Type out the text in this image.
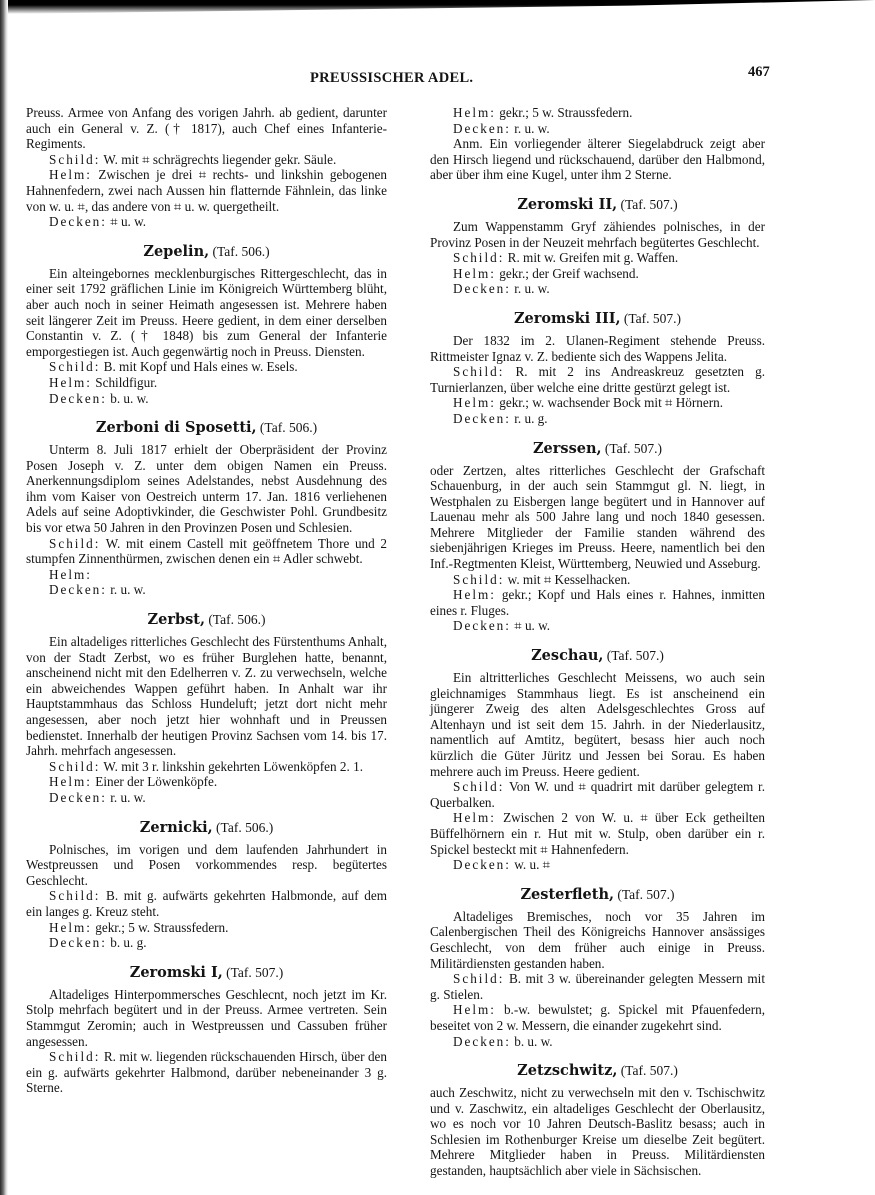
PREUSSISCHER ADEL.	467

Preuss. Armee von Anfang des vorigen Jahrh. ab gedient, darunter auch ein General v. Z. († 1817), auch Chef eines Infanterie-Regiments.

Schild: W. mit ⌗ schrägrechts liegender gekr. Säule.

Helm: Zwischen je drei ⌗ rechts- und linkshin gebogenen Hahnenfedern, zwei nach Aussen hin flatternde Fähnlein, das linke von w. u. ⌗, das andere von ⌗ u. w. quergetheilt.

Decken: ⌗ u. w.

Zepelin, (Taf. 506.)

Ein alteingebornes mecklenburgisches Rittergeschlecht, das in einer seit 1792 gräflichen Linie im Königreich Württemberg blüht, aber auch noch in seiner Heimath angesessen ist. Mehrere haben seit längerer Zeit im Preuss. Heere gedient, in dem einer derselben Constantin v. Z. († 1848) bis zum General der Infanterie emporgestiegen ist. Auch gegenwärtig noch in Preuss. Diensten.

Schild: B. mit Kopf und Hals eines w. Esels.

Helm: Schildfigur.

Decken: b. u. w.

Zerboni di Sposetti, (Taf. 506.)

Unterm 8. Juli 1817 erhielt der Oberpräsident der Provinz Posen Joseph v. Z. unter dem obigen Namen ein Preuss. Anerkennungsdiplom seines Adelstandes, nebst Ausdehnung des ihm vom Kaiser von Oestreich unterm 17. Jan. 1816 verliehenen Adels auf seine Adoptivkinder, die Geschwister Pohl. Grundbesitz bis vor etwa 50 Jahren in den Provinzen Posen und Schlesien.

Schild: W. mit einem Castell mit geöffnetem Thore und 2 stumpfen Zinnenthürmen, zwischen denen ein ⌗ Adler schwebt.

Helm:

Decken: r. u. w.

Zerbst, (Taf. 506.)

Ein altadeliges ritterliches Geschlecht des Fürstenthums Anhalt, von der Stadt Zerbst, wo es früher Burglehen hatte, benannt, anscheinend nicht mit den Edelherren v. Z. zu verwechseln, welche ein abweichendes Wappen geführt haben. In Anhalt war ihr Hauptstammhaus das Schloss Hundeluft; jetzt dort nicht mehr angesessen, aber noch jetzt hier wohnhaft und in Preussen bedienstet. Innerhalb der heutigen Provinz Sachsen vom 14. bis 17. Jahrh. mehrfach angesessen.

Schild: W. mit 3 r. linkshin gekehrten Löwenköpfen 2. 1.

Helm: Einer der Löwenköpfe.

Decken: r. u. w.

Zernicki, (Taf. 506.)

Polnisches, im vorigen und dem laufenden Jahrhundert in Westpreussen und Posen vorkommendes resp. begütertes Geschlecht.

Schild: B. mit g. aufwärts gekehrten Halbmonde, auf dem ein langes g. Kreuz steht.

Helm: gekr.; 5 w. Straussfedern.

Decken: b. u. g.

Zeromski I, (Taf. 507.)

Altadeliges Hinterpommersches Geschlecnt, noch jetzt im Kr. Stolp mehrfach begütert und in der Preuss. Armee vertreten. Sein Stammgut Zeromin; auch in Westpreussen und Cassuben früher angesessen.

Schild: R. mit w. liegenden rückschauenden Hirsch, über den ein g. aufwärts gekehrter Halbmond, darüber nebeneinander 3 g. Sterne.

Helm: gekr.; 5 w. Straussfedern.

Decken: r. u. w.

Anm. Ein vorliegender älterer Siegelabdruck zeigt aber den Hirsch liegend und rückschauend, darüber den Halbmond, aber über ihm eine Kugel, unter ihm 2 Sterne.

Zeromski II, (Taf. 507.)

Zum Wappenstamm Gryf zähiendes polnisches, in der Provinz Posen in der Neuzeit mehrfach begütertes Geschlecht.

Schild: R. mit w. Greifen mit g. Waffen.

Helm: gekr.; der Greif wachsend.

Decken: r. u. w.

Zeromski III, (Taf. 507.)

Der 1832 im 2. Ulanen-Regiment stehende Preuss. Rittmeister Ignaz v. Z. bediente sich des Wappens Jelita.

Schild: R. mit 2 ins Andreaskreuz gesetzten g. Turnierlanzen, über welche eine dritte gestürzt gelegt ist.

Helm: gekr.; w. wachsender Bock mit ⌗ Hörnern.

Decken: r. u. g.

Zerssen, (Taf. 507.)

oder Zertzen, altes ritterliches Geschlecht der Grafschaft Schauenburg, in der auch sein Stammgut gl. N. liegt, in Westphalen zu Eisbergen lange begütert und in Hannover auf Lauenau mehr als 500 Jahre lang und noch 1840 gesessen. Mehrere Mitglieder der Familie standen während des siebenjährigen Krieges im Preuss. Heere, namentlich bei den Inf.-Regtmenten Kleist, Württemberg, Neuwied und Asseburg.

Schild: w. mit ⌗ Kesselhacken.

Helm: gekr.; Kopf und Hals eines r. Hahnes, inmitten eines r. Fluges.

Decken: ⌗ u. w.

Zeschau, (Taf. 507.)

Ein altritterliches Geschlecht Meissens, wo auch sein gleichnamiges Stammhaus liegt. Es ist anscheinend ein jüngerer Zweig des alten Adelsgeschlechtes Gross auf Altenhayn und ist seit dem 15. Jahrh. in der Niederlausitz, namentlich auf Amtitz, begütert, besass hier auch noch kürzlich die Güter Jüritz und Jessen bei Sorau. Es haben mehrere auch im Preuss. Heere gedient.

Schild: Von W. und ⌗ quadrirt mit darüber gelegtem r. Querbalken.

Helm: Zwischen 2 von W. u. ⌗ über Eck getheilten Büffelhörnern ein r. Hut mit w. Stulp, oben darüber ein r. Spickel besteckt mit ⌗ Hahnenfedern.

Decken: w. u. ⌗

Zesterfleth, (Taf. 507.)

Altadeliges Bremisches, noch vor 35 Jahren im Calenbergischen Theil des Königreichs Hannover ansässiges Geschlecht, von dem früher auch einige in Preuss. Militärdiensten gestanden haben.

Schild: B. mit 3 w. übereinander gelegten Messern mit g. Stielen.

Helm: b.-w. bewulstet; g. Spickel mit Pfauenfedern, beseitet von 2 w. Messern, die einander zugekehrt sind.

Decken: b. u. w.

Zetzschwitz, (Taf. 507.)

auch Zeschwitz, nicht zu verwechseln mit den v. Tschischwitz und v. Zaschwitz, ein altadeliges Geschlecht der Oberlausitz, wo es noch vor 10 Jahren Deutsch-Baslitz besass; auch in Schlesien im Rothenburger Kreise um dieselbe Zeit begütert. Mehrere Mitglieder haben in Preuss. Militärdiensten gestanden, hauptsächlich aber viele in Sächsischen.
